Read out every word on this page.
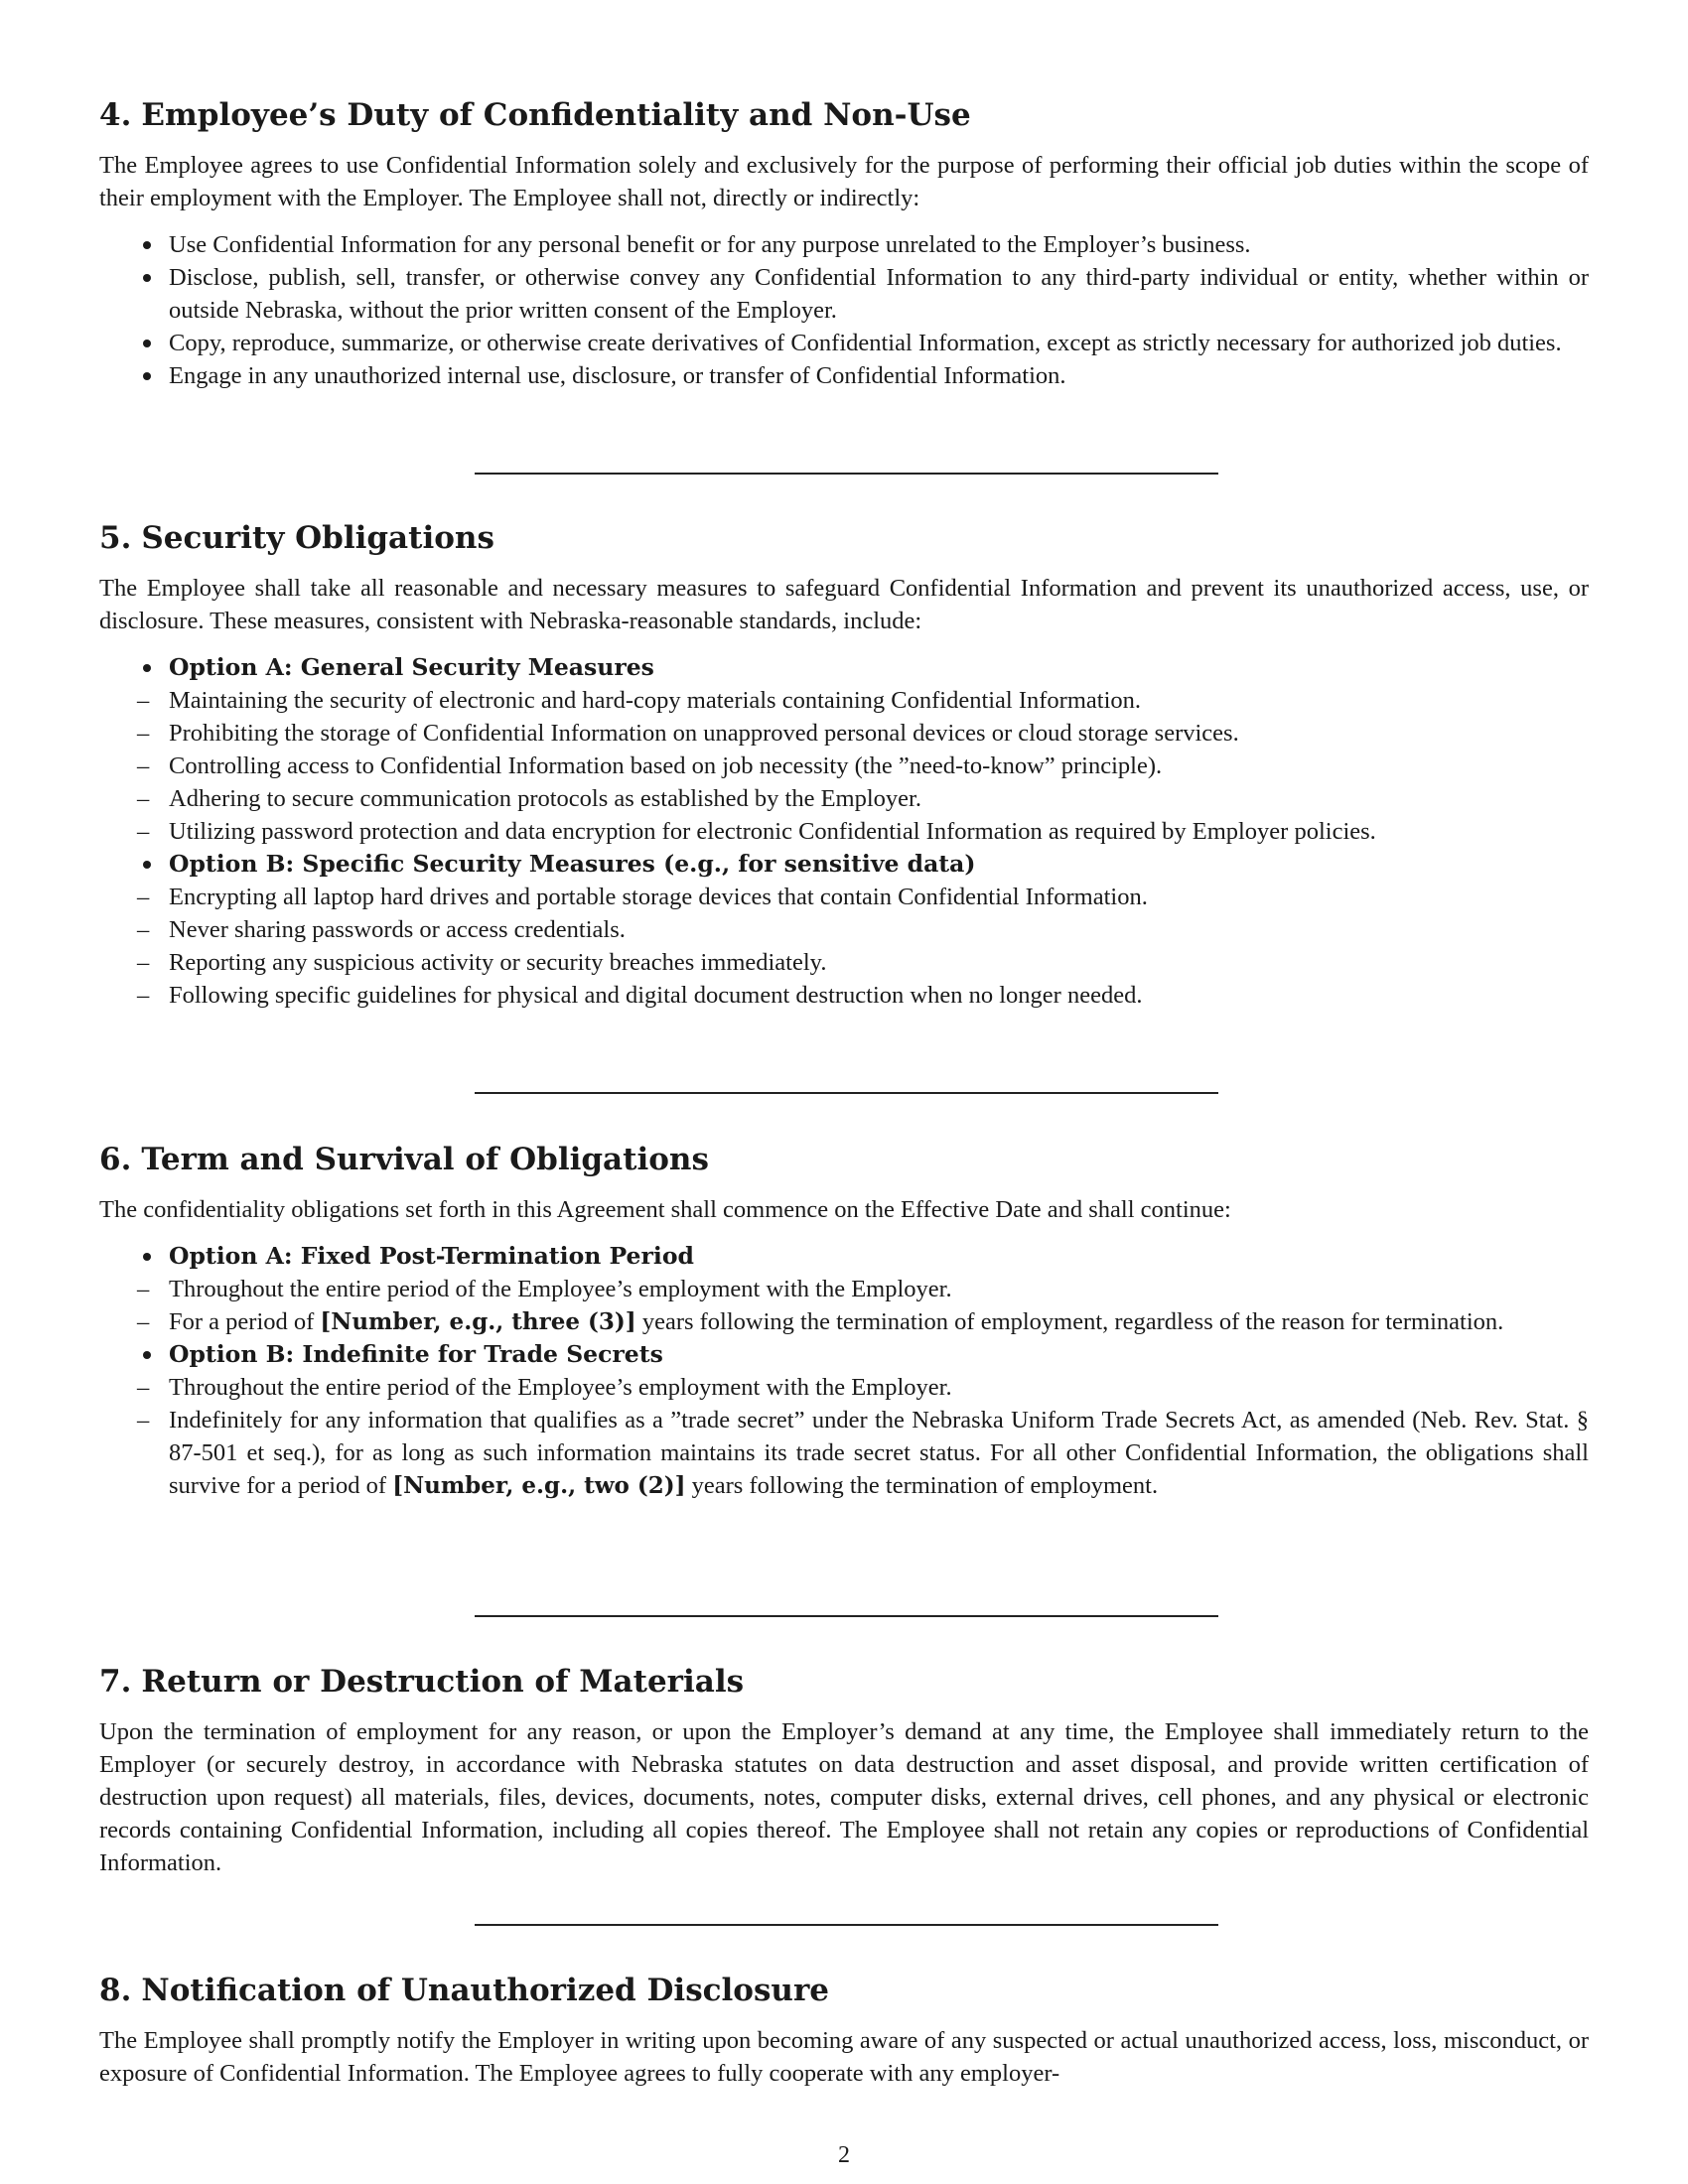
4. Employee’s Duty of Confidentiality and Non-Use

The Employee agrees to use Confidential Information solely and exclusively for the purpose of performing their official job duties within the scope of their employment with the Employer. The Employee shall not, directly or indirectly:

Use Confidential Information for any personal benefit or for any purpose unrelated to the Employer’s business.
Disclose, publish, sell, transfer, or otherwise convey any Confidential Information to any third-party individual or entity, whether within or outside Nebraska, without the prior written consent of the Employer.
Copy, reproduce, summarize, or otherwise create derivatives of Confidential Information, except as strictly necessary for authorized job duties.
Engage in any unauthorized internal use, disclosure, or transfer of Confidential Information.
5. Security Obligations

The Employee shall take all reasonable and necessary measures to safeguard Confidential Information and prevent its unauthorized access, use, or disclosure. These measures, consistent with Nebraska-reasonable standards, include:

Option A: General Security Measures
– Maintaining the security of electronic and hard-copy materials containing Confidential Information.
– Prohibiting the storage of Confidential Information on unapproved personal devices or cloud storage services.
– Controlling access to Confidential Information based on job necessity (the ”need-to-know” principle).
– Adhering to secure communication protocols as established by the Employer.
– Utilizing password protection and data encryption for electronic Confidential Information as required by Employer policies.
Option B: Specific Security Measures (e.g., for sensitive data)
– Encrypting all laptop hard drives and portable storage devices that contain Confidential Information.
– Never sharing passwords or access credentials.
– Reporting any suspicious activity or security breaches immediately.
– Following specific guidelines for physical and digital document destruction when no longer needed.
6. Term and Survival of Obligations

The confidentiality obligations set forth in this Agreement shall commence on the Effective Date and shall continue:

Option A: Fixed Post-Termination Period
– Throughout the entire period of the Employee’s employment with the Employer.
– For a period of [Number, e.g., three (3)] years following the termination of employment, regardless of the reason for termination.
Option B: Indefinite for Trade Secrets
– Throughout the entire period of the Employee’s employment with the Employer.
– Indefinitely for any information that qualifies as a ”trade secret” under the Nebraska Uniform Trade Secrets Act, as amended (Neb. Rev. Stat. § 87-501 et seq.), for as long as such information maintains its trade secret status. For all other Confidential Information, the obligations shall survive for a period of [Number, e.g., two (2)] years following the termination of employment.
7. Return or Destruction of Materials

Upon the termination of employment for any reason, or upon the Employer’s demand at any time, the Employee shall immediately return to the Employer (or securely destroy, in accordance with Nebraska statutes on data destruction and asset disposal, and provide written certification of destruction upon request) all materials, files, devices, documents, notes, computer disks, external drives, cell phones, and any physical or electronic records containing Confidential Information, including all copies thereof. The Employee shall not retain any copies or reproductions of Confidential Information.

8. Notification of Unauthorized Disclosure

The Employee shall promptly notify the Employer in writing upon becoming aware of any suspected or actual unauthorized access, loss, misconduct, or exposure of Confidential Information. The Employee agrees to fully cooperate with any employer-

2
